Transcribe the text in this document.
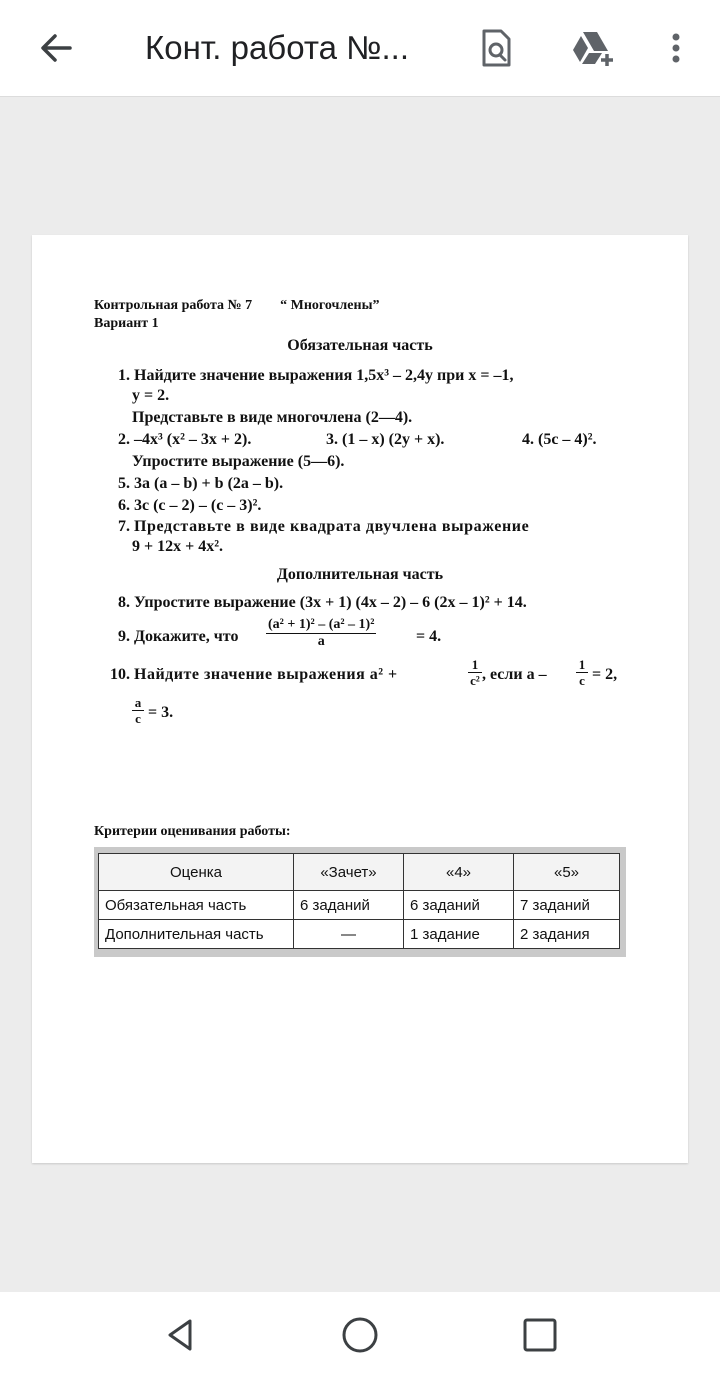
Конт. работа №...
Контрольная работа № 7 “ Многочлены”
Вариант 1
Обязательная часть
1. Найдите значение выражения 1,5x³ – 2,4y при x = –1,
y = 2.
Представьте в виде многочлена (2—4).
2. –4x³ (x² – 3x + 2).	3. (1 – x) (2y + x).	4. (5c – 4)².
Упростите выражение (5—6).
5. 3a (a – b) + b (2a – b).
6. 3c (c – 2) – (c – 3)².
7. Представьте в виде квадрата двучлена выражение
9 + 12x + 4x².
Дополнительная часть
8. Упростите выражение (3x + 1) (4x – 2) – 6 (2x – 1)² + 14.
9. Докажите, что
(a² + 1)² – (a² – 1)²
a	= 4.
10. Найдите значение выражения a² +
1
c² , если a –
1
c = 2,
a
c = 3.
Критерии оценивания работы:
Оценка	«Зачет»	«4»	«5»
Обязательная часть	6 заданий	6 заданий	7 заданий
Дополнительная часть	—	1 задание	2 задания
